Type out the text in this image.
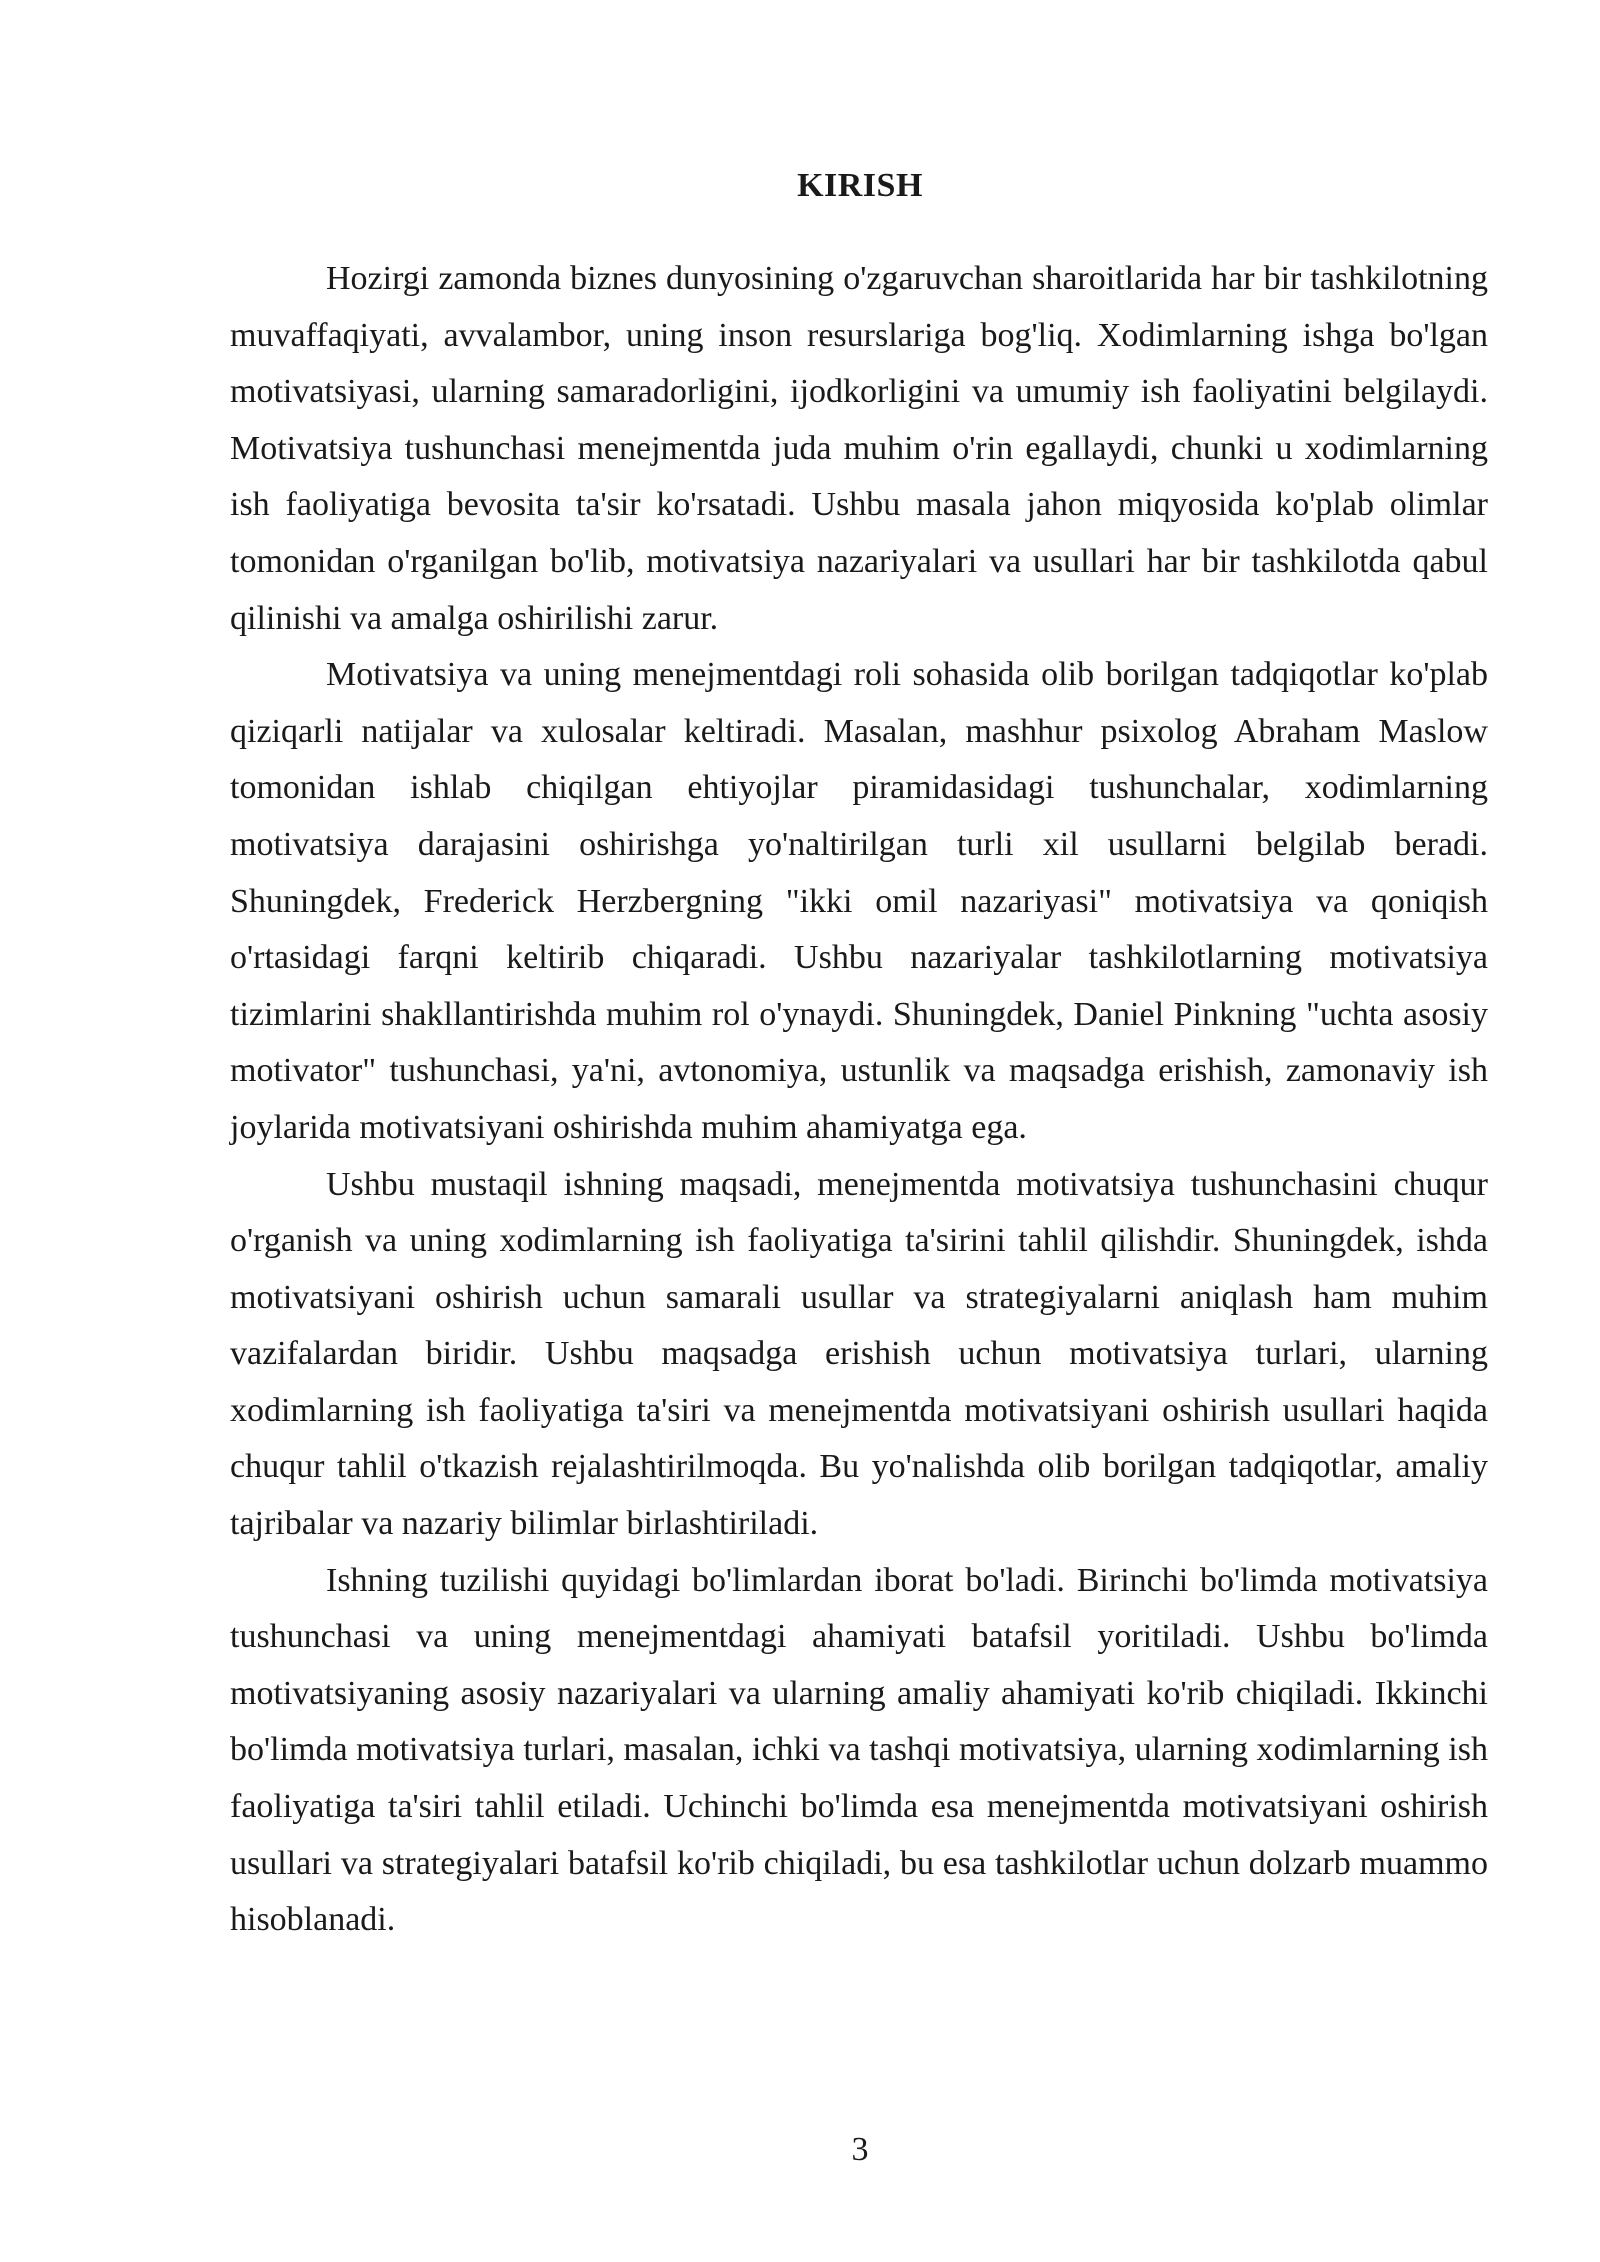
KIRISH

Hozirgi zamonda biznes dunyosining o'zgaruvchan sharoitlarida har bir tashkilotning muvaffaqiyati, avvalambor, uning inson resurslariga bog'liq. Xodimlarning ishga bo'lgan motivatsiyasi, ularning samaradorligini, ijodkorligini va umumiy ish faoliyatini belgilaydi. Motivatsiya tushunchasi menejmentda juda muhim o'rin egallaydi, chunki u xodimlarning ish faoliyatiga bevosita ta'sir ko'rsatadi. Ushbu masala jahon miqyosida ko'plab olimlar tomonidan o'rganilgan bo'lib, motivatsiya nazariyalari va usullari har bir tashkilotda qabul qilinishi va amalga oshirilishi zarur.

Motivatsiya va uning menejmentdagi roli sohasida olib borilgan tadqiqotlar ko'plab qiziqarli natijalar va xulosalar keltiradi. Masalan, mashhur psixolog Abraham Maslow tomonidan ishlab chiqilgan ehtiyojlar piramidasidagi tushunchalar, xodimlarning motivatsiya darajasini oshirishga yo'naltirilgan turli xil usullarni belgilab beradi. Shuningdek, Frederick Herzbergning "ikki omil nazariyasi" motivatsiya va qoniqish o'rtasidagi farqni keltirib chiqaradi. Ushbu nazariyalar tashkilotlarning motivatsiya tizimlarini shakllantirishda muhim rol o'ynaydi. Shuningdek, Daniel Pinkning "uchta asosiy motivator" tushunchasi, ya'ni, avtonomiya, ustunlik va maqsadga erishish, zamonaviy ish joylarida motivatsiyani oshirishda muhim ahamiyatga ega.

Ushbu mustaqil ishning maqsadi, menejmentda motivatsiya tushunchasini chuqur o'rganish va uning xodimlarning ish faoliyatiga ta'sirini tahlil qilishdir. Shuningdek, ishda motivatsiyani oshirish uchun samarali usullar va strategiyalarni aniqlash ham muhim vazifalardan biridir. Ushbu maqsadga erishish uchun motivatsiya turlari, ularning xodimlarning ish faoliyatiga ta'siri va menejmentda motivatsiyani oshirish usullari haqida chuqur tahlil o'tkazish rejalashtirilmoqda. Bu yo'nalishda olib borilgan tadqiqotlar, amaliy tajribalar va nazariy bilimlar birlashtiriladi.

Ishning tuzilishi quyidagi bo'limlardan iborat bo'ladi. Birinchi bo'limda motivatsiya tushunchasi va uning menejmentdagi ahamiyati batafsil yoritiladi. Ushbu bo'limda motivatsiyaning asosiy nazariyalari va ularning amaliy ahamiyati ko'rib chiqiladi. Ikkinchi bo'limda motivatsiya turlari, masalan, ichki va tashqi motivatsiya, ularning xodimlarning ish faoliyatiga ta'siri tahlil etiladi. Uchinchi bo'limda esa menejmentda motivatsiyani oshirish usullari va strategiyalari batafsil ko'rib chiqiladi, bu esa tashkilotlar uchun dolzarb muammo hisoblanadi.

3
